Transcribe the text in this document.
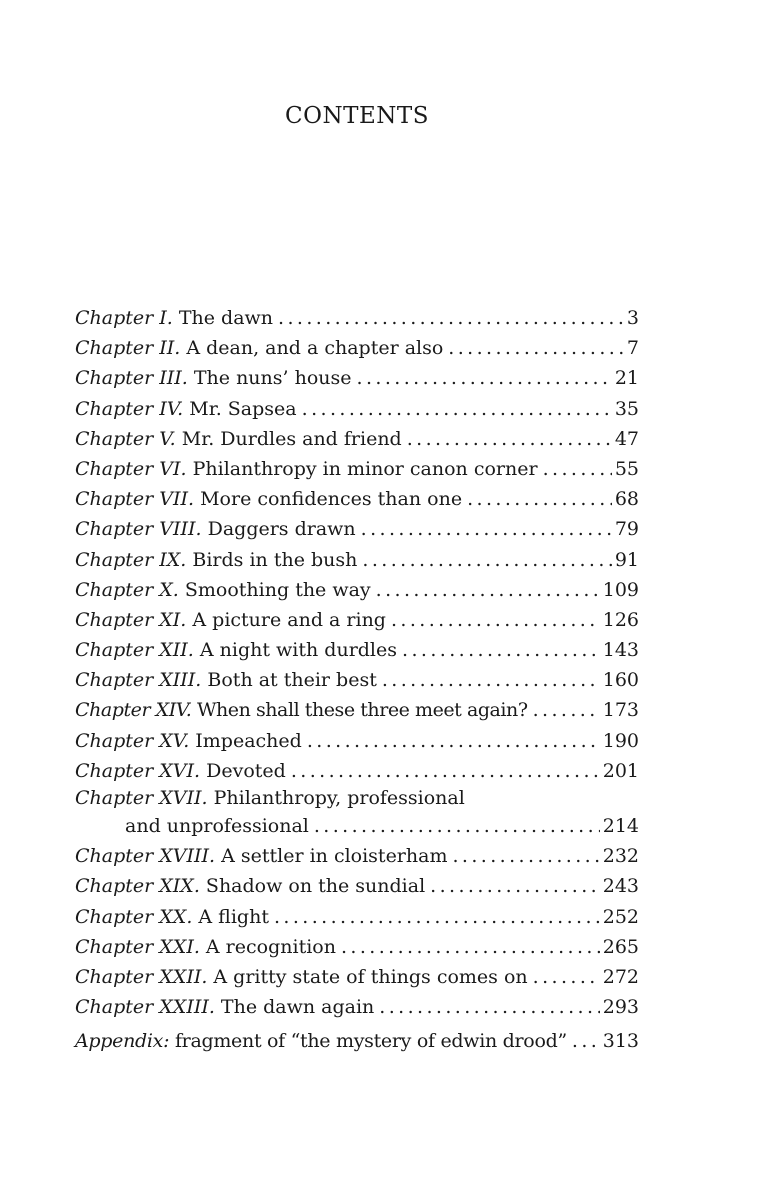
CONTENTS
Chapter I. The dawn .....	3
Chapter II. A dean, and a chapter also .....	7
Chapter III. The nuns’ house .....	21
Chapter IV. Mr. Sapsea .....	35
Chapter V. Mr. Durdles and friend .....	47
Chapter VI. Philanthropy in minor canon corner .....	55
Chapter VII. More confidences than one .....	68
Chapter VIII. Daggers drawn .....	79
Chapter IX. Birds in the bush .....	91
Chapter X. Smoothing the way .....	109
Chapter XI. A picture and a ring .....	126
Chapter XII. A night with durdles .....	143
Chapter XIII. Both at their best .....	160
Chapter XIV. When shall these three meet again? .....	173
Chapter XV. Impeached .....	190
Chapter XVI. Devoted .....	201
Chapter XVII. Philanthropy, professional
and unprofessional .....	214
Chapter XVIII. A settler in cloisterham .....	232
Chapter XIX. Shadow on the sundial .....	243
Chapter XX. A flight .....	252
Chapter XXI. A recognition .....	265
Chapter XXII. A gritty state of things comes on .....	272
Chapter XXIII. The dawn again .....	293
Appendix: fragment of “the mystery of edwin drood” ..... 313
